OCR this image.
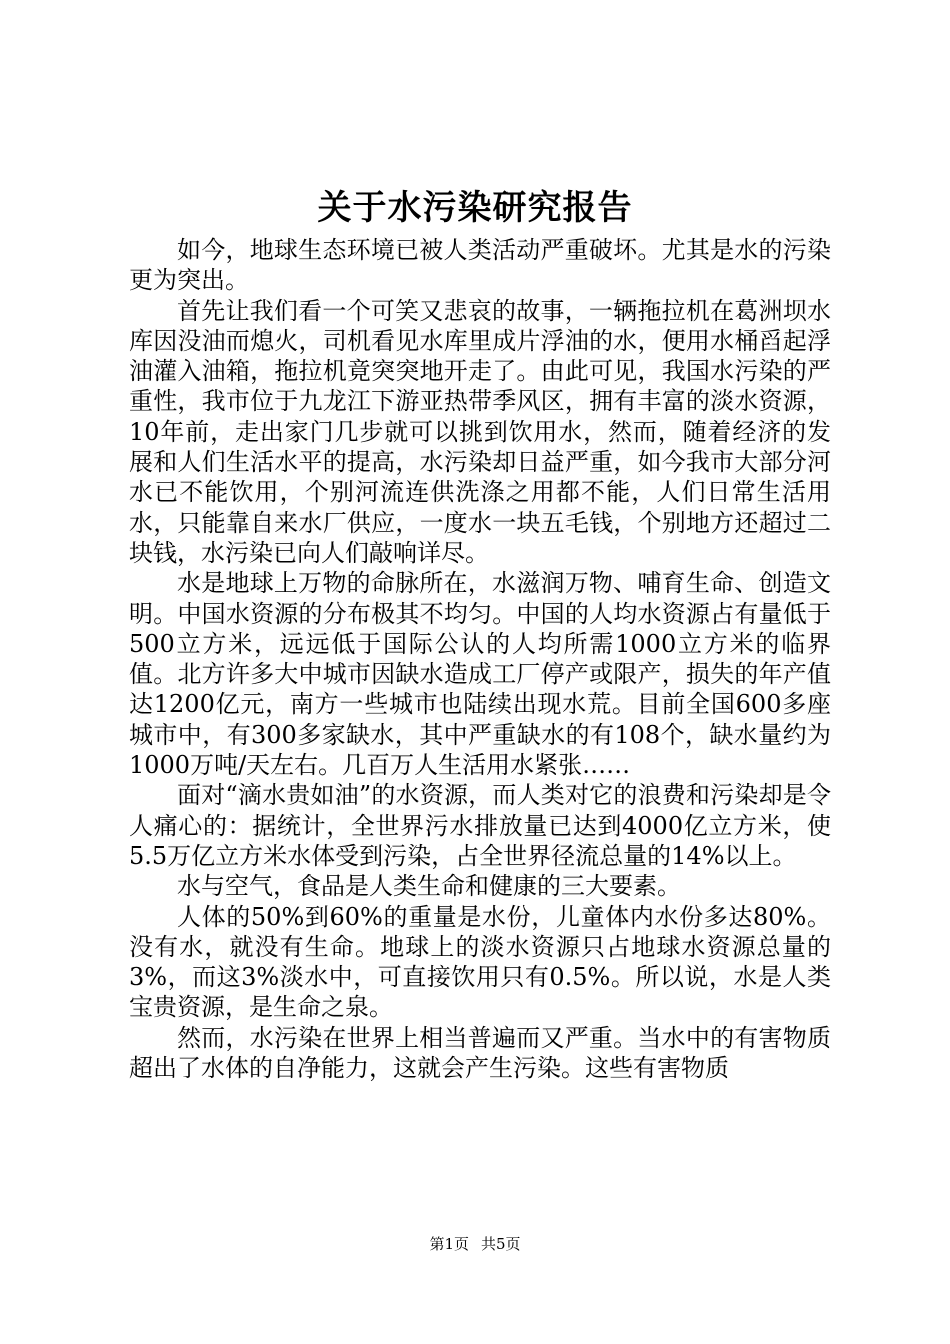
关于水污染研究报告

如今，地球生态环境已被人类活动严重破坏。尤其是水的污染更为突出。

首先让我们看一个可笑又悲哀的故事，一辆拖拉机在葛洲坝水库因没油而熄火，司机看见水库里成片浮油的水，便用水桶舀起浮油灌入油箱，拖拉机竟突突地开走了。由此可见，我国水污染的严重性，我市位于九龙江下游亚热带季风区，拥有丰富的淡水资源，10年前，走出家门几步就可以挑到饮用水，然而，随着经济的发展和人们生活水平的提高，水污染却日益严重，如今我市大部分河水已不能饮用，个别河流连供洗涤之用都不能，人们日常生活用水，只能靠自来水厂供应，一度水一块五毛钱，个别地方还超过二块钱，水污染已向人们敲响详尽。

水是地球上万物的命脉所在，水滋润万物、哺育生命、创造文明。中国水资源的分布极其不均匀。中国的人均水资源占有量低于500立方米，远远低于国际公认的人均所需1000立方米的临界值。北方许多大中城市因缺水造成工厂停产或限产，损失的年产值达1200亿元，南方一些城市也陆续出现水荒。目前全国600多座城市中，有300多家缺水，其中严重缺水的有108个，缺水量约为1000万吨/天左右。几百万人生活用水紧张……

面对“滴水贵如油”的水资源，而人类对它的浪费和污染却是令人痛心的：据统计，全世界污水排放量已达到4000亿立方米，使5.5万亿立方米水体受到污染，占全世界径流总量的14%以上。

水与空气，食品是人类生命和健康的三大要素。

人体的50%到60%的重量是水份，儿童体内水份多达80%。没有水，就没有生命。地球上的淡水资源只占地球水资源总量的3%，而这3%淡水中，可直接饮用只有0.5%。所以说，水是人类宝贵资源，是生命之泉。

然而，水污染在世界上相当普遍而又严重。当水中的有害物质超出了水体的自净能力，这就会产生污染。这些有害物质

第1页 共5页
